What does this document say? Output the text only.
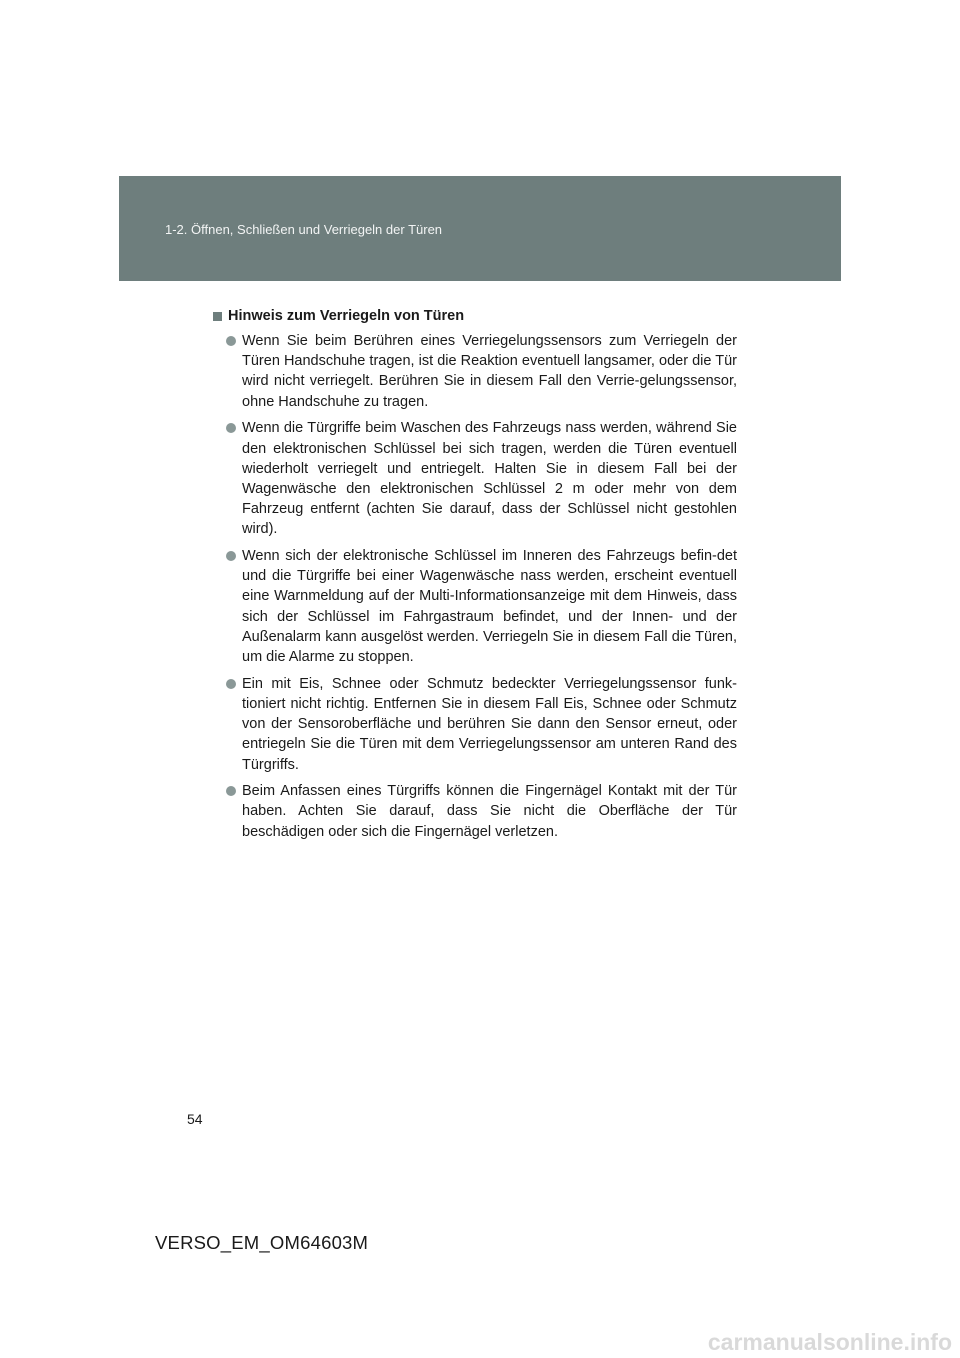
1-2. Öffnen, Schließen und Verriegeln der Türen
Hinweis zum Verriegeln von Türen
Wenn Sie beim Berühren eines Verriegelungssensors zum Verriegeln der Türen Handschuhe tragen, ist die Reaktion eventuell langsamer, oder die Tür wird nicht verriegelt. Berühren Sie in diesem Fall den Verrie-gelungssensor, ohne Handschuhe zu tragen.
Wenn die Türgriffe beim Waschen des Fahrzeugs nass werden, während Sie den elektronischen Schlüssel bei sich tragen, werden die Türen eventuell wiederholt verriegelt und entriegelt. Halten Sie in diesem Fall bei der Wagenwäsche den elektronischen Schlüssel 2 m oder mehr von dem Fahrzeug entfernt (achten Sie darauf, dass der Schlüssel nicht gestohlen wird).
Wenn sich der elektronische Schlüssel im Inneren des Fahrzeugs befin-det und die Türgriffe bei einer Wagenwäsche nass werden, erscheint eventuell eine Warnmeldung auf der Multi-Informationsanzeige mit dem Hinweis, dass sich der Schlüssel im Fahrgastraum befindet, und der Innen- und der Außenalarm kann ausgelöst werden. Verriegeln Sie in diesem Fall die Türen, um die Alarme zu stoppen.
Ein mit Eis, Schnee oder Schmutz bedeckter Verriegelungssensor funk-tioniert nicht richtig. Entfernen Sie in diesem Fall Eis, Schnee oder Schmutz von der Sensoroberfläche und berühren Sie dann den Sensor erneut, oder entriegeln Sie die Türen mit dem Verriegelungssensor am unteren Rand des Türgriffs.
Beim Anfassen eines Türgriffs können die Fingernägel Kontakt mit der Tür haben. Achten Sie darauf, dass Sie nicht die Oberfläche der Tür beschädigen oder sich die Fingernägel verletzen.
54
VERSO_EM_OM64603M
carmanualsonline.info
